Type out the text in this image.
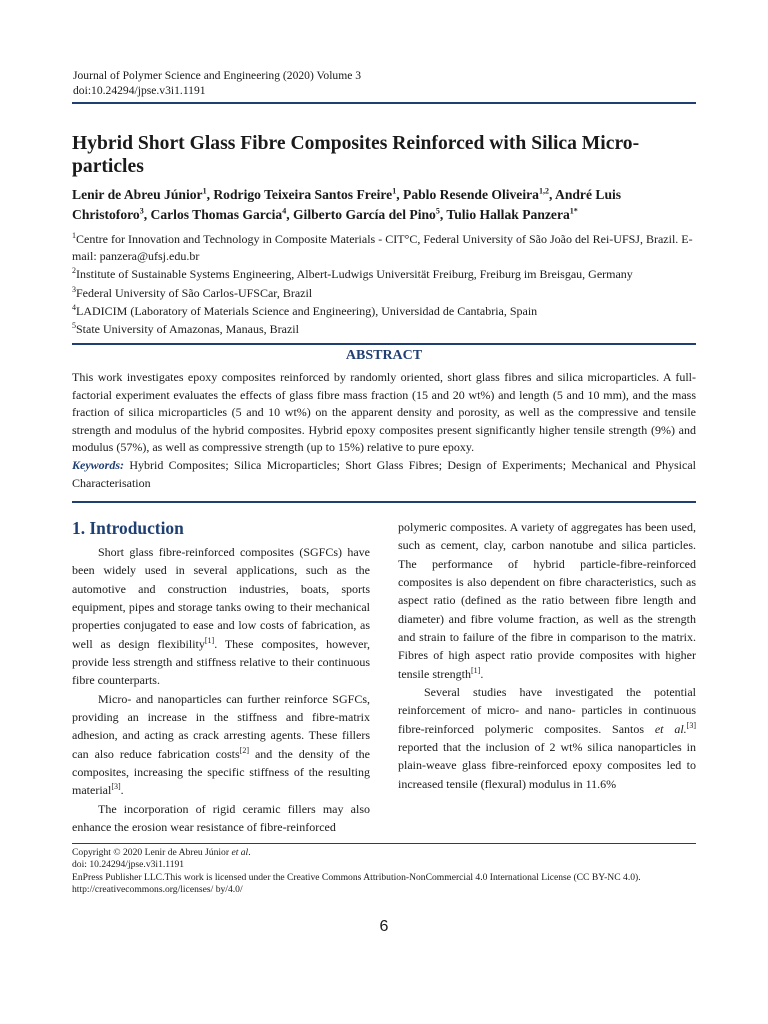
Journal of Polymer Science and Engineering (2020) Volume 3
doi:10.24294/jpse.v3i1.1191
Hybrid Short Glass Fibre Composites Reinforced with Silica Micro-particles
Lenir de Abreu Júnior$^1$, Rodrigo Teixeira Santos Freire$^1$, Pablo Resende Oliveira$^{1,2}$, André Luis Christoforo$^3$, Carlos Thomas Garcia$^4$, Gilberto García del Pino$^5$, Tulio Hallak Panzera$^{1*}$
$^1$Centre for Innovation and Technology in Composite Materials - CIT°C, Federal University of São João del Rei-UFSJ, Brazil. E-mail: panzera@ufsj.edu.br
$^2$Institute of Sustainable Systems Engineering, Albert-Ludwigs Universität Freiburg, Freiburg im Breisgau, Germany
$^3$Federal University of São Carlos-UFSCar, Brazil
$^4$LADICIM (Laboratory of Materials Science and Engineering), Universidad de Cantabria, Spain
$^5$State University of Amazonas, Manaus, Brazil
ABSTRACT
This work investigates epoxy composites reinforced by randomly oriented, short glass fibres and silica microparticles. A full-factorial experiment evaluates the effects of glass fibre mass fraction (15 and 20 wt%) and length (5 and 10 mm), and the mass fraction of silica microparticles (5 and 10 wt%) on the apparent density and porosity, as well as the compressive and tensile strength and modulus of the hybrid composites. Hybrid epoxy composites present significantly higher tensile strength (9%) and modulus (57%), as well as compressive strength (up to 15%) relative to pure epoxy.
Keywords: Hybrid Composites; Silica Microparticles; Short Glass Fibres; Design of Experiments; Mechanical and Physical Characterisation
1. Introduction

Short glass fibre-reinforced composites (SGFCs) have been widely used in several applications, such as the automotive and construction industries, boats, sports equipment, pipes and storage tanks owing to their mechanical properties conjugated to ease and low costs of fabrication, as well as design flexibility[1]. These composites, however, provide less strength and stiffness relative to their continuous fibre counterparts.

Micro- and nanoparticles can further reinforce SGFCs, providing an increase in the stiffness and fibre-matrix adhesion, and acting as crack arresting agents. These fillers can also reduce fabrication costs[2] and the density of the composites, increasing the specific stiffness of the resulting material[3].

The incorporation of rigid ceramic fillers may also enhance the erosion wear resistance of fibre-reinforced

polymeric composites. A variety of aggregates has been used, such as cement, clay, carbon nanotube and silica particles. The performance of hybrid particle-fibre-reinforced composites is also dependent on fibre characteristics, such as aspect ratio (defined as the ratio between fibre length and diameter) and fibre volume fraction, as well as the strength and strain to failure of the fibre in comparison to the matrix. Fibres of high aspect ratio provide composites with higher tensile strength[1].

Several studies have investigated the potential reinforcement of micro- and nano- particles in continuous fibre-reinforced polymeric composites. Santos et al.[3] reported that the inclusion of 2 wt% silica nanoparticles in plain-weave glass fibre-reinforced epoxy composites led to increased tensile (flexural) modulus in 11.6%

Copyright © 2020 Lenir de Abreu Júnior et al.
doi: 10.24294/jpse.v3i1.1191
EnPress Publisher LLC.This work is licensed under the Creative Commons Attribution-NonCommercial 4.0 International License (CC BY-NC 4.0).
http://creativecommons.org/licenses/ by/4.0/
6
